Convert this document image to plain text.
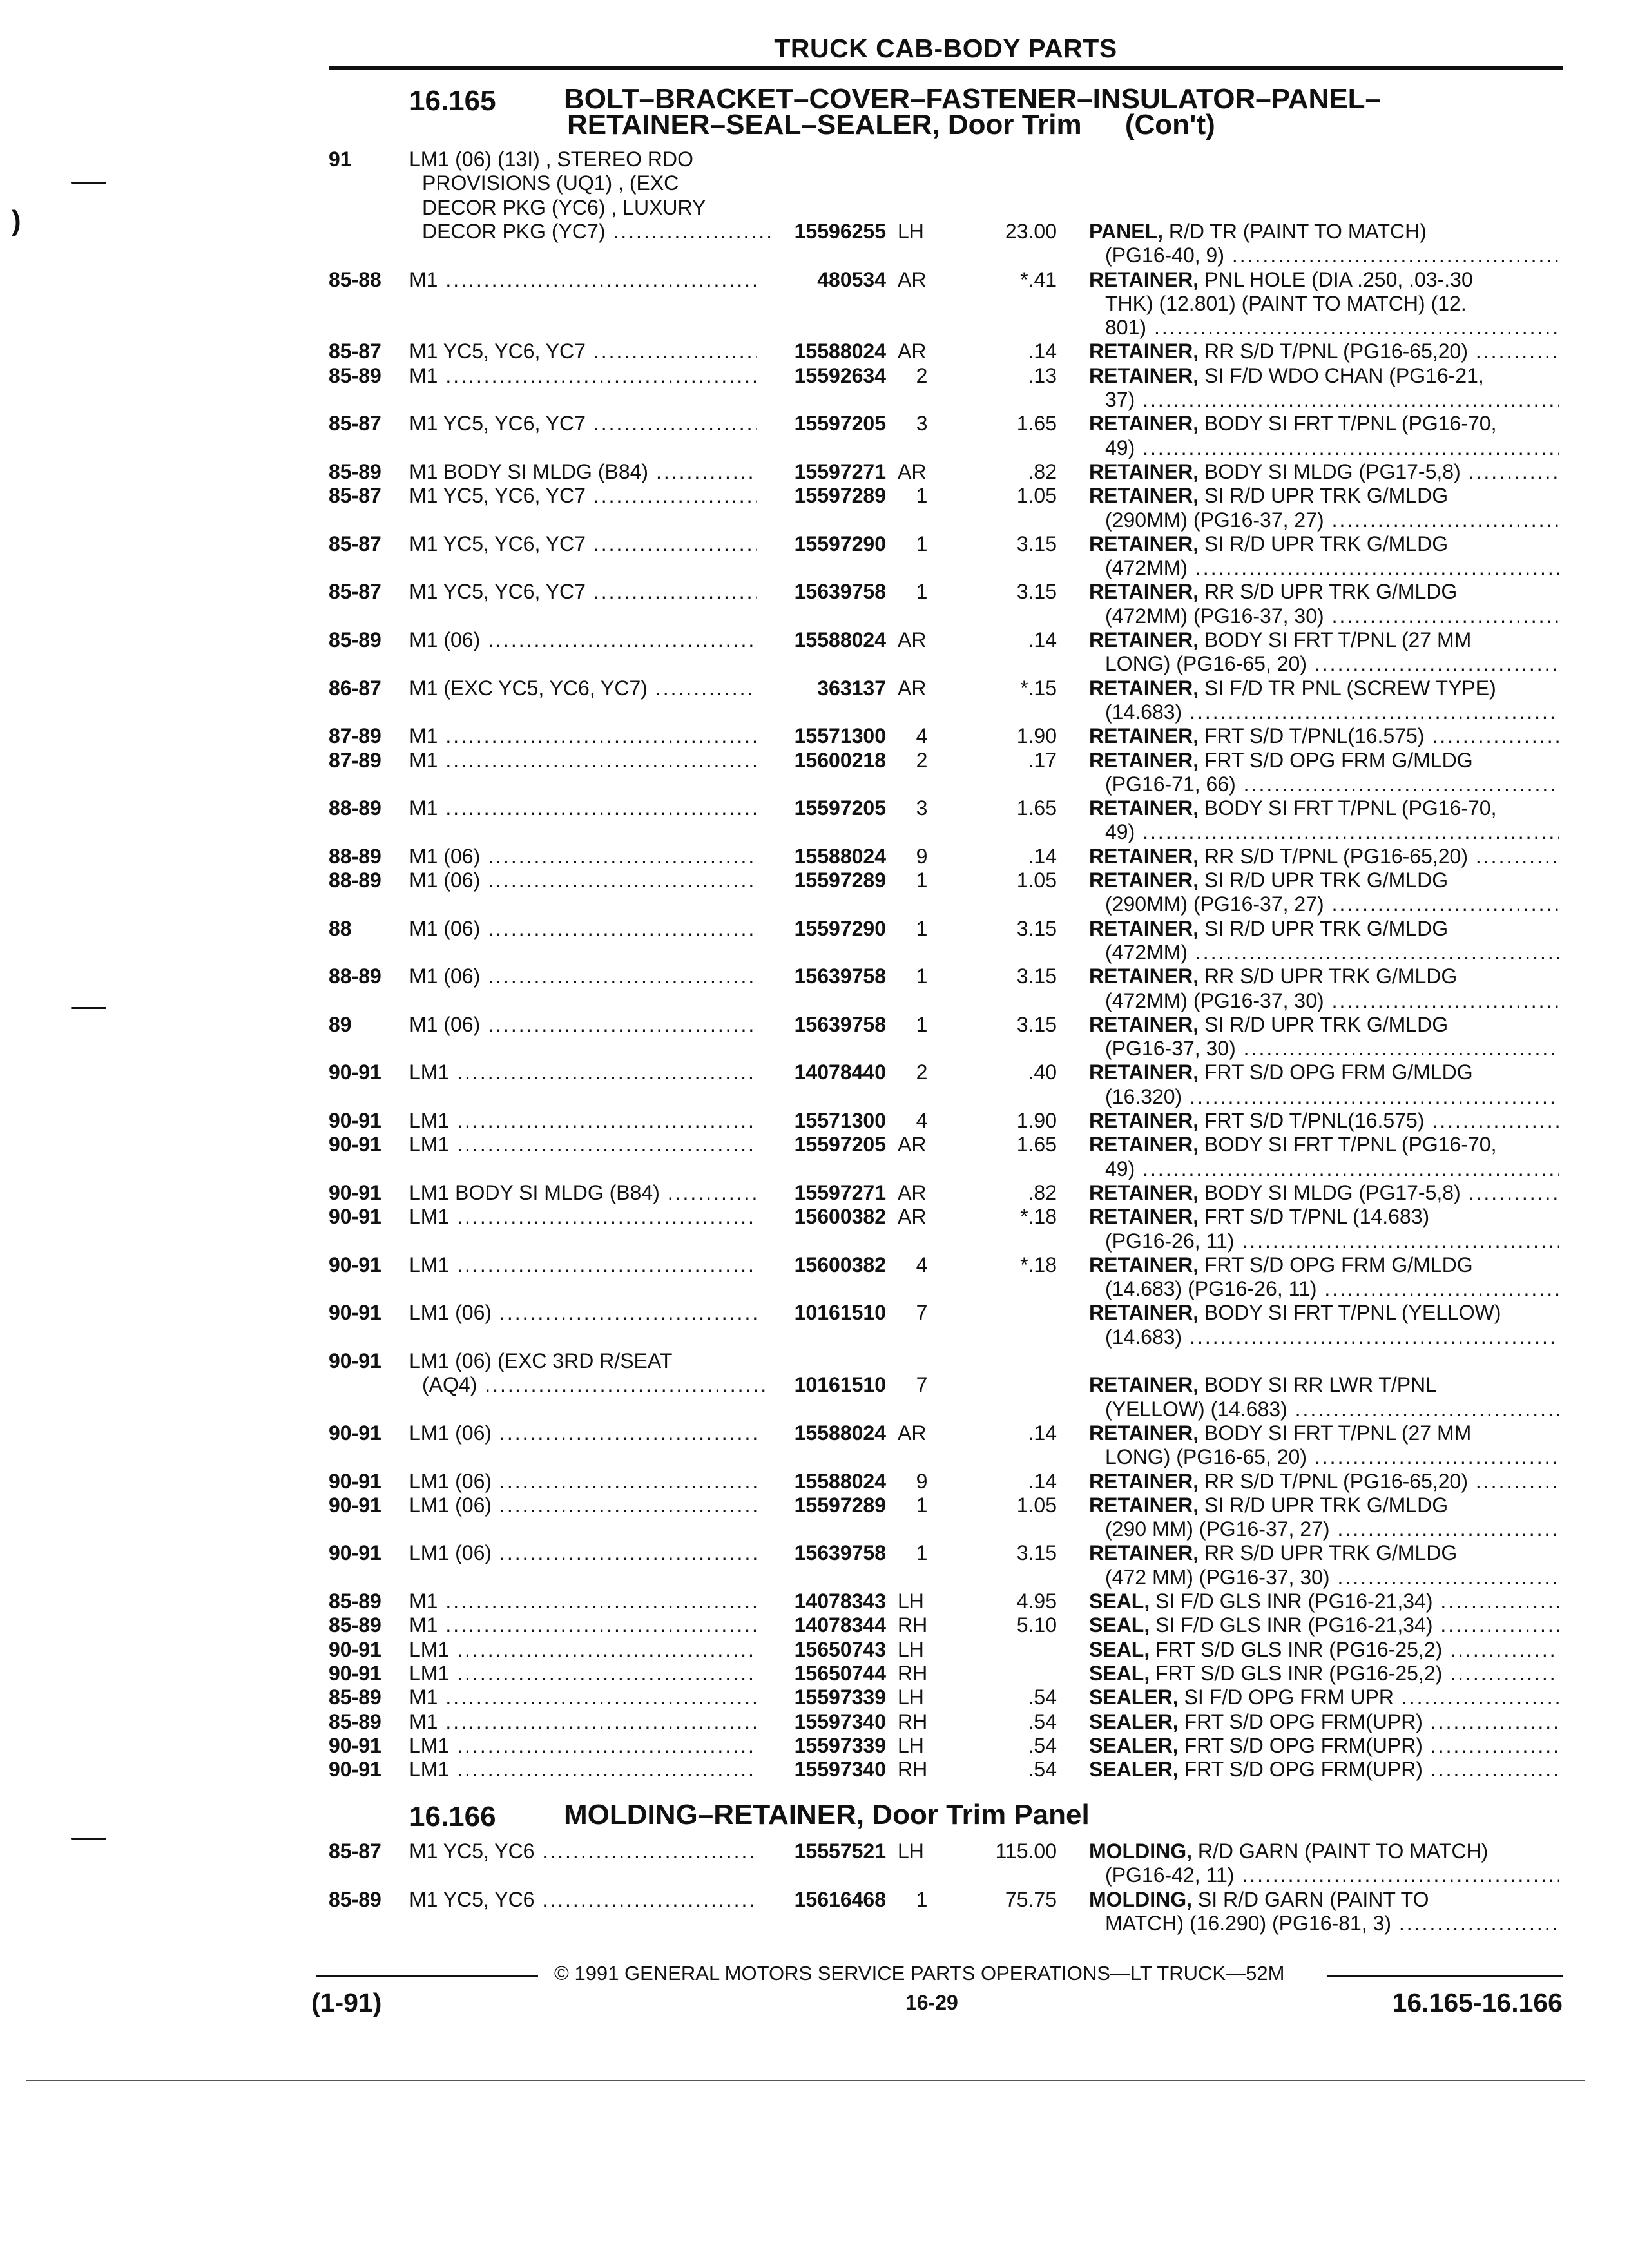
TRUCK CAB-BODY PARTS
)
16.165 BOLT–BRACKET–COVER–FASTENER–INSULATOR–PANEL–
RETAINER–SEAL–SEALER, Door Trim (Con't)
91	LM1 (06) (13I) , STEREO RDO
PROVISIONS (UQ1) , (EXC
DECOR PKG (YC6) , LUXURY
DECOR PKG (YC7) .....	15596255 LH	23.00 PANEL, R/D TR (PAINT TO MATCH)
(PG16-40, 9) .....
85-88 M1 .....	480534 AR	*.41 RETAINER, PNL HOLE (DIA .250, .03-.30
THK) (12.801) (PAINT TO MATCH) (12.
801) .....
85-87 M1 YC5, YC6, YC7 .....	15588024 AR	.14 RETAINER, RR S/D T/PNL (PG16-65,20) .....
85-89 M1 .....	15592634	2	.13 RETAINER, SI F/D WDO CHAN (PG16-21,
37) .....
85-87 M1 YC5, YC6, YC7 .....	15597205	3	1.65 RETAINER, BODY SI FRT T/PNL (PG16-70,
49) .....
85-89 M1 BODY SI MLDG (B84) .....	15597271 AR	.82 RETAINER, BODY SI MLDG (PG17-5,8) .....
85-87 M1 YC5, YC6, YC7 .....	15597289	1	1.05 RETAINER, SI R/D UPR TRK G/MLDG
(290MM) (PG16-37, 27) .....
85-87 M1 YC5, YC6, YC7 .....	15597290	1	3.15 RETAINER, SI R/D UPR TRK G/MLDG
(472MM) .....
85-87 M1 YC5, YC6, YC7 .....	15639758	1	3.15 RETAINER, RR S/D UPR TRK G/MLDG
(472MM) (PG16-37, 30) .....
85-89 M1 (06) .....	15588024 AR	.14 RETAINER, BODY SI FRT T/PNL (27 MM
LONG) (PG16-65, 20) .....
86-87 M1 (EXC YC5, YC6, YC7) .....	363137 AR	*.15 RETAINER, SI F/D TR PNL (SCREW TYPE)
(14.683) .....
87-89 M1 .....	15571300	4	1.90 RETAINER, FRT S/D T/PNL(16.575) .....
87-89 M1 .....	15600218	2	.17 RETAINER, FRT S/D OPG FRM G/MLDG
(PG16-71, 66) .....
88-89 M1 .....	15597205	3	1.65 RETAINER, BODY SI FRT T/PNL (PG16-70,
49) .....
88-89 M1 (06) .....	15588024	9	.14 RETAINER, RR S/D T/PNL (PG16-65,20) .....
88-89 M1 (06) .....	15597289	1	1.05 RETAINER, SI R/D UPR TRK G/MLDG
(290MM) (PG16-37, 27) .....
88	M1 (06) .....	15597290	1	3.15 RETAINER, SI R/D UPR TRK G/MLDG
(472MM) .....
88-89 M1 (06) .....	15639758	1	3.15 RETAINER, RR S/D UPR TRK G/MLDG
(472MM) (PG16-37, 30) .....
89	M1 (06) .....	15639758	1	3.15 RETAINER, SI R/D UPR TRK G/MLDG
(PG16-37, 30) .....
90-91 LM1 .....	14078440	2	.40 RETAINER, FRT S/D OPG FRM G/MLDG
(16.320) .....
90-91 LM1 .....	15571300	4	1.90 RETAINER, FRT S/D T/PNL(16.575) .....
90-91 LM1 .....	15597205 AR	1.65 RETAINER, BODY SI FRT T/PNL (PG16-70,
49) .....
90-91 LM1 BODY SI MLDG (B84) .....	15597271 AR	.82 RETAINER, BODY SI MLDG (PG17-5,8) .....
90-91 LM1 .....	15600382 AR	*.18 RETAINER, FRT S/D T/PNL (14.683)
(PG16-26, 11) .....
90-91 LM1 .....	15600382	4	*.18 RETAINER, FRT S/D OPG FRM G/MLDG
(14.683) (PG16-26, 11) .....
90-91 LM1 (06) .....	10161510	7	RETAINER, BODY SI FRT T/PNL (YELLOW)
(14.683) .....
90-91 LM1 (06) (EXC 3RD R/SEAT
(AQ4) .....	10161510	7	RETAINER, BODY SI RR LWR T/PNL
(YELLOW) (14.683) .....
90-91 LM1 (06) .....	15588024 AR	.14 RETAINER, BODY SI FRT T/PNL (27 MM
LONG) (PG16-65, 20) .....
90-91 LM1 (06) .....	15588024	9	.14 RETAINER, RR S/D T/PNL (PG16-65,20) .....
90-91 LM1 (06) .....	15597289	1	1.05 RETAINER, SI R/D UPR TRK G/MLDG
(290 MM) (PG16-37, 27) .....
90-91 LM1 (06) .....	15639758	1	3.15 RETAINER, RR S/D UPR TRK G/MLDG
(472 MM) (PG16-37, 30) .....
85-89 M1 .....	14078343 LH	4.95 SEAL, SI F/D GLS INR (PG16-21,34) .....
85-89 M1 .....	14078344 RH	5.10 SEAL, SI F/D GLS INR (PG16-21,34) .....
90-91 LM1 .....	15650743 LH	SEAL, FRT S/D GLS INR (PG16-25,2) .....
90-91 LM1 .....	15650744 RH	SEAL, FRT S/D GLS INR (PG16-25,2) .....
85-89 M1 .....	15597339 LH	.54 SEALER, SI F/D OPG FRM UPR .....
85-89 M1 .....	15597340 RH	.54 SEALER, FRT S/D OPG FRM(UPR) .....
90-91 LM1 .....	15597339 LH	.54 SEALER, FRT S/D OPG FRM(UPR) .....
90-91 LM1 .....	15597340 RH	.54 SEALER, FRT S/D OPG FRM(UPR) .....
16.166 MOLDING–RETAINER, Door Trim Panel
85-87 M1 YC5, YC6 .....	15557521 LH	115.00 MOLDING, R/D GARN (PAINT TO MATCH)
(PG16-42, 11) .....
85-89 M1 YC5, YC6 .....	15616468	1	75.75 MOLDING, SI R/D GARN (PAINT TO
MATCH) (16.290) (PG16-81, 3) .....
© 1991 GENERAL MOTORS SERVICE PARTS OPERATIONS—LT TRUCK—52M
(1-91)	16-29	16.165-16.166
